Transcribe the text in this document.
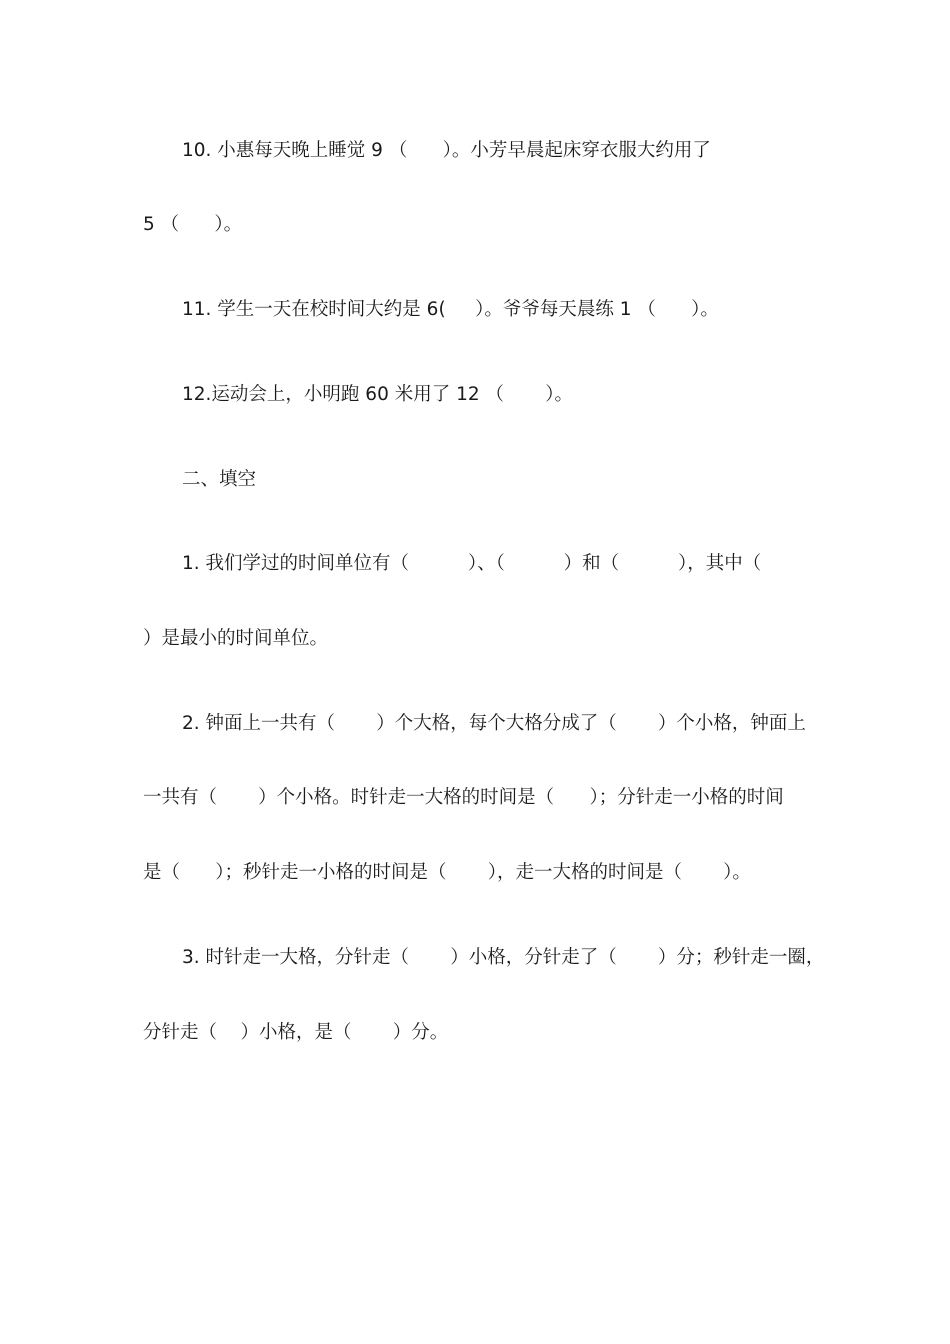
10. 小惠每天晚上睡觉 9 （      ）。小芳早晨起床穿衣服大约用了
5 （      ）。
11. 学生一天在校时间大约是 6(     ）。爷爷每天晨练 1 （      ）。
12.运动会上，小明跑 60 米用了 12 （       ）。
二、填空
1. 我们学过的时间单位有（          ）、（          ）和（          ），其中（
）是最小的时间单位。
2. 钟面上一共有（       ）个大格，每个大格分成了（       ）个小格，钟面上
一共有（       ）个小格。时针走一大格的时间是（      ）；分针走一小格的时间
是（      ）；秒针走一小格的时间是（       ），走一大格的时间是（       ）。
3. 时针走一大格，分针走（       ）小格，分针走了（       ）分；秒针走一圈，
分针走（    ）小格，是（       ）分。
